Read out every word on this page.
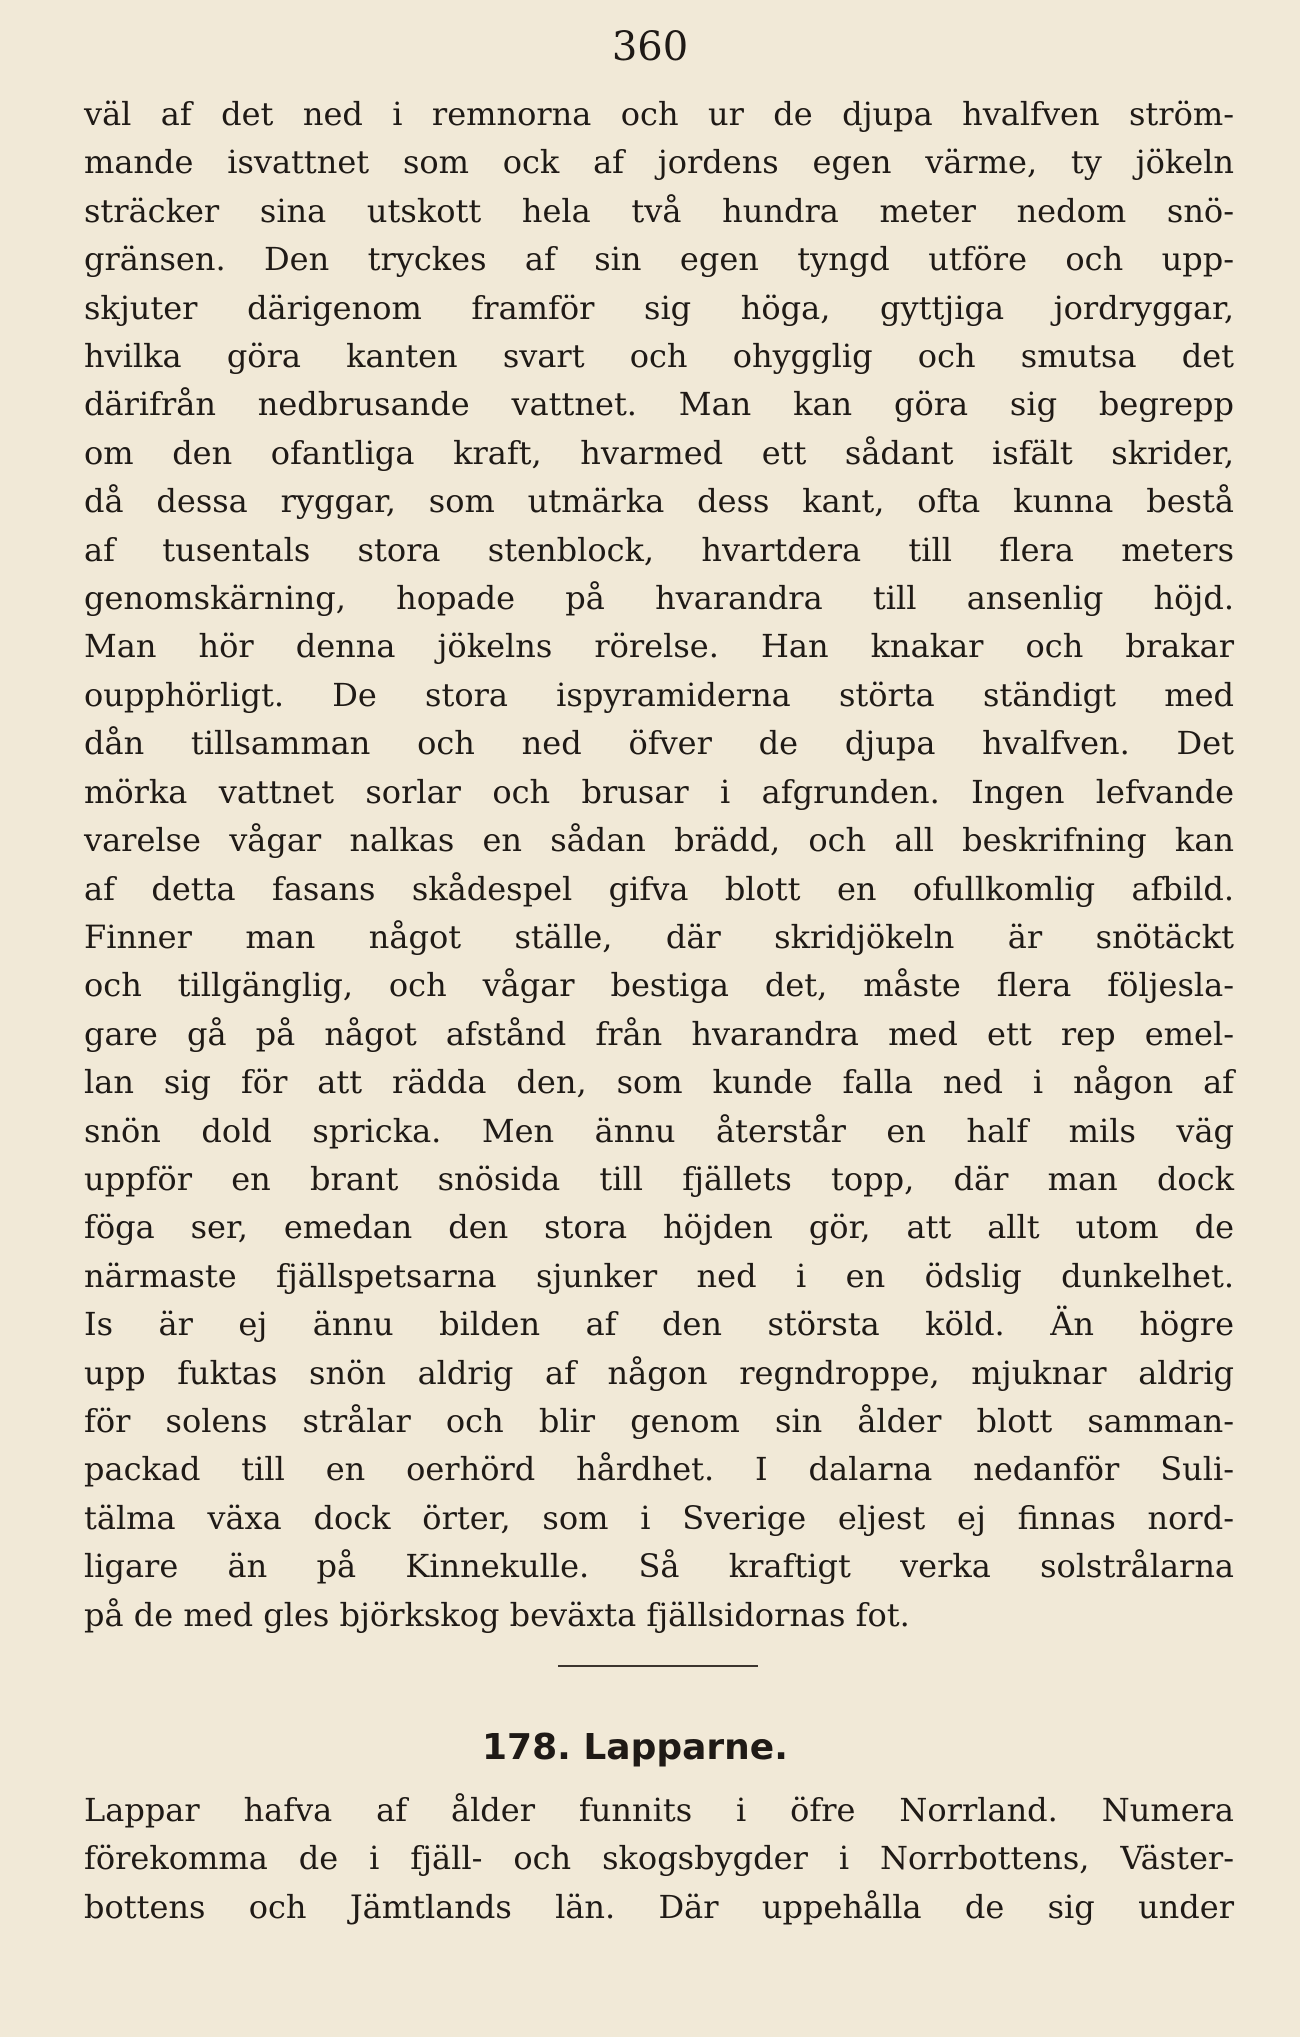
360
väl af det ned i remnorna och ur de djupa hvalfven ström-
mande isvattnet som ock af jordens egen värme, ty jökeln
sträcker sina utskott hela två hundra meter nedom snö-
gränsen. Den tryckes af sin egen tyngd utföre och upp-
skjuter därigenom framför sig höga, gyttjiga jordryggar,
hvilka göra kanten svart och ohygglig och smutsa det
därifrån nedbrusande vattnet. Man kan göra sig begrepp
om den ofantliga kraft, hvarmed ett sådant isfält skrider,
då dessa ryggar, som utmärka dess kant, ofta kunna bestå
af tusentals stora stenblock, hvartdera till flera meters
genomskärning, hopade på hvarandra till ansenlig höjd.
Man hör denna jökelns rörelse. Han knakar och brakar
oupphörligt. De stora ispyramiderna störta ständigt med
dån tillsamman och ned öfver de djupa hvalfven. Det
mörka vattnet sorlar och brusar i afgrunden. Ingen lefvande
varelse vågar nalkas en sådan brädd, och all beskrifning kan
af detta fasans skådespel gifva blott en ofullkomlig afbild.
Finner man något ställe, där skridjökeln är snötäckt
och tillgänglig, och vågar bestiga det, måste flera följesla-
gare gå på något afstånd från hvarandra med ett rep emel-
lan sig för att rädda den, som kunde falla ned i någon af
snön dold spricka. Men ännu återstår en half mils väg
uppför en brant snösida till fjällets topp, där man dock
föga ser, emedan den stora höjden gör, att allt utom de
närmaste fjällspetsarna sjunker ned i en ödslig dunkelhet.
Is är ej ännu bilden af den största köld. Än högre
upp fuktas snön aldrig af någon regndroppe, mjuknar aldrig
för solens strålar och blir genom sin ålder blott samman-
packad till en oerhörd hårdhet. I dalarna nedanför Suli-
tälma växa dock örter, som i Sverige eljest ej finnas nord-
ligare än på Kinnekulle. Så kraftigt verka solstrålarna
på de med gles björkskog beväxta fjällsidornas fot.
178. Lapparne.
Lappar hafva af ålder funnits i öfre Norrland. Numera
förekomma de i fjäll- och skogsbygder i Norrbottens, Väster-
bottens och Jämtlands län. Där uppehålla de sig under
